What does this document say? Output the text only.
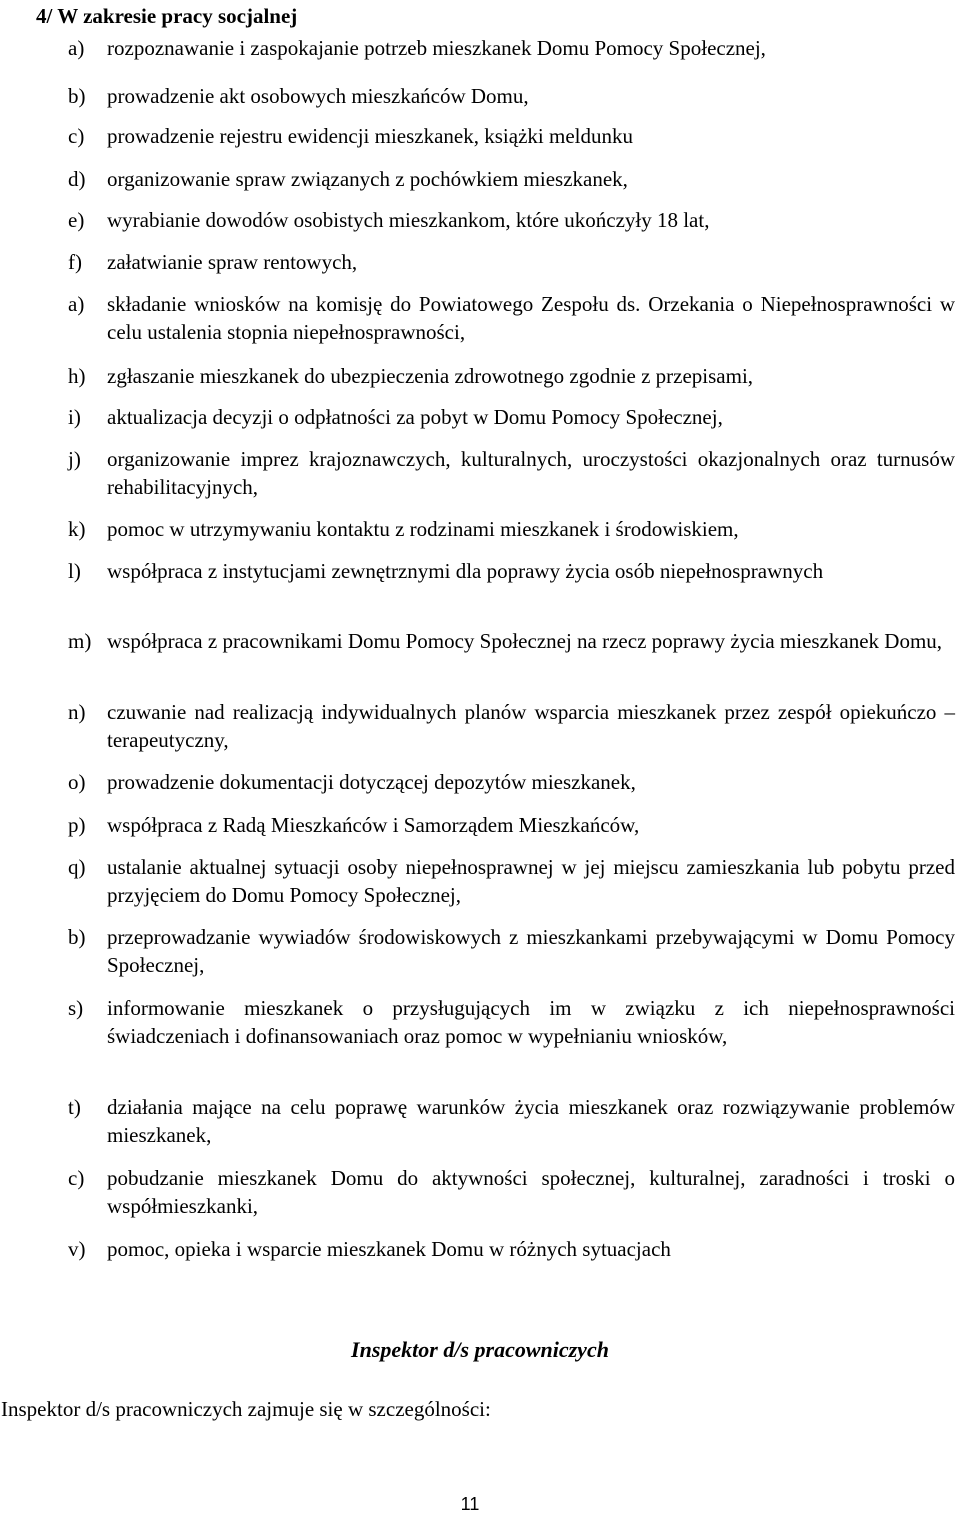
4/ W zakresie pracy socjalnej
a)	rozpoznawanie i zaspokajanie potrzeb mieszkanek Domu Pomocy Społecznej,
b)	prowadzenie akt osobowych mieszkańców Domu,
c)	prowadzenie rejestru ewidencji mieszkanek, książki meldunku
d)	organizowanie spraw związanych z pochówkiem mieszkanek,
e)	wyrabianie dowodów osobistych mieszkankom, które ukończyły 18 lat,
f)	załatwianie spraw rentowych,
a)	składanie wniosków na komisję do Powiatowego Zespołu ds. Orzekania o Niepełnosprawności w celu ustalenia stopnia niepełnosprawności,
h)	zgłaszanie mieszkanek do ubezpieczenia zdrowotnego zgodnie z przepisami,
i)	aktualizacja decyzji o odpłatności za pobyt w Domu Pomocy Społecznej,
j)	organizowanie imprez krajoznawczych, kulturalnych, uroczystości okazjonalnych oraz turnusów rehabilitacyjnych,
k)	pomoc w utrzymywaniu kontaktu z rodzinami mieszkanek i środowiskiem,
l)	współpraca z instytucjami zewnętrznymi dla poprawy życia osób niepełnosprawnych
m) współpraca z pracownikami Domu Pomocy Społecznej na rzecz poprawy życia mieszkanek Domu,
n)	czuwanie nad realizacją indywidualnych planów wsparcia mieszkanek przez zespół opiekuńczo – terapeutyczny,
o)	prowadzenie dokumentacji dotyczącej depozytów mieszkanek,
p)	współpraca z Radą Mieszkańców i Samorządem Mieszkańców,
q)	ustalanie aktualnej sytuacji osoby niepełnosprawnej w jej miejscu zamieszkania lub pobytu przed przyjęciem do Domu Pomocy Społecznej,
b)	przeprowadzanie wywiadów środowiskowych z mieszkankami przebywającymi w Domu Pomocy Społecznej,
s)	informowanie mieszkanek o przysługujących im w związku z ich niepełnosprawności świadczeniach i dofinansowaniach oraz pomoc w wypełnianiu wniosków,
t)	działania mające na celu poprawę warunków życia mieszkanek oraz rozwiązywanie problemów mieszkanek,
c)	pobudzanie mieszkanek Domu do aktywności społecznej, kulturalnej, zaradności i troski o współmieszkanki,
v)	pomoc, opieka i wsparcie mieszkanek Domu w różnych sytuacjach
Inspektor d/s pracowniczych
Inspektor d/s pracowniczych zajmuje się w szczególności:
11
